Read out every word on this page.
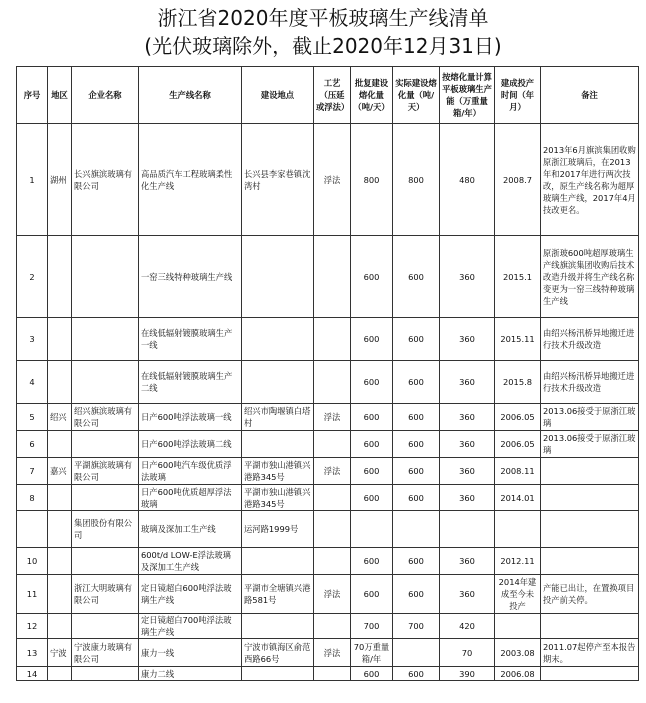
浙江省2020年度平板玻璃生产线清单
(光伏玻璃除外，截止2020年12月31日)
序号	地区	企业名称	生产线名称	建设地点	工艺（压延或浮法）	批复建设熔化量（吨/天）	实际建设熔化量（吨/天）	按熔化量计算平板玻璃生产能（万重量箱/年）	建成投产时间（年月）	备注
1	湖州	长兴旗滨玻璃有限公司	高品质汽车工程玻璃柔性化生产线	长兴县李家巷镇沈湾村	浮法	800	800	480	2008.7	2013年6月旗滨集团收购原浙江玻璃后，在2013年和2017年进行两次技改，原生产线名称为超厚玻璃生产线，2017年4月技改更名。
2			一窑三线特种玻璃生产线			600	600	360	2015.1	原浙玻600吨超厚玻璃生产线旗滨集团收购后技术改造升级并将生产线名称变更为一窑三线特种玻璃生产线
3			在线低辐射镀膜玻璃生产一线			600	600	360	2015.11	由绍兴杨汛桥异地搬迁进行技术升级改造
4			在线低辐射镀膜玻璃生产二线			600	600	360	2015.8	由绍兴杨汛桥异地搬迁进行技术升级改造
5	绍兴	绍兴旗滨玻璃有限公司	日产600吨浮法玻璃一线	绍兴市陶堰镇白塔村	浮法	600	600	360	2006.05	2013.06接受于原浙江玻璃
6			日产600吨浮法玻璃二线			600	600	360	2006.05	2013.06接受于原浙江玻璃
7	嘉兴	平湖旗滨玻璃有限公司	日产600吨汽车级优质浮法玻璃	平湖市独山港镇兴港路345号	浮法	600	600	360	2008.11	
8			日产600吨优质超厚浮法玻璃	平湖市独山港镇兴港路345号		600	600	360	2014.01	
		集团股份有限公司	玻璃及深加工生产线	运河路1999号						
10			600t/d LOW-E浮法玻璃及深加工生产线			600	600	360	2012.11	
11		浙江大明玻璃有限公司	定日镜超白600吨浮法玻璃生产线	平湖市全塘镇兴港路581号	浮法	600	600	360	2014年建成至今未投产	产能已出让，在置换项目投产前关停。
12			定日镜超白700吨浮法玻璃生产线			700	700	420		
13	宁波	宁波康力玻璃有限公司	康力一线	宁波市镇海区俞范西路66号	浮法	70万重量箱/年		70	2003.08	2011.07起停产至本报告期末。
14			康力二线			600	600	390	2006.08	
